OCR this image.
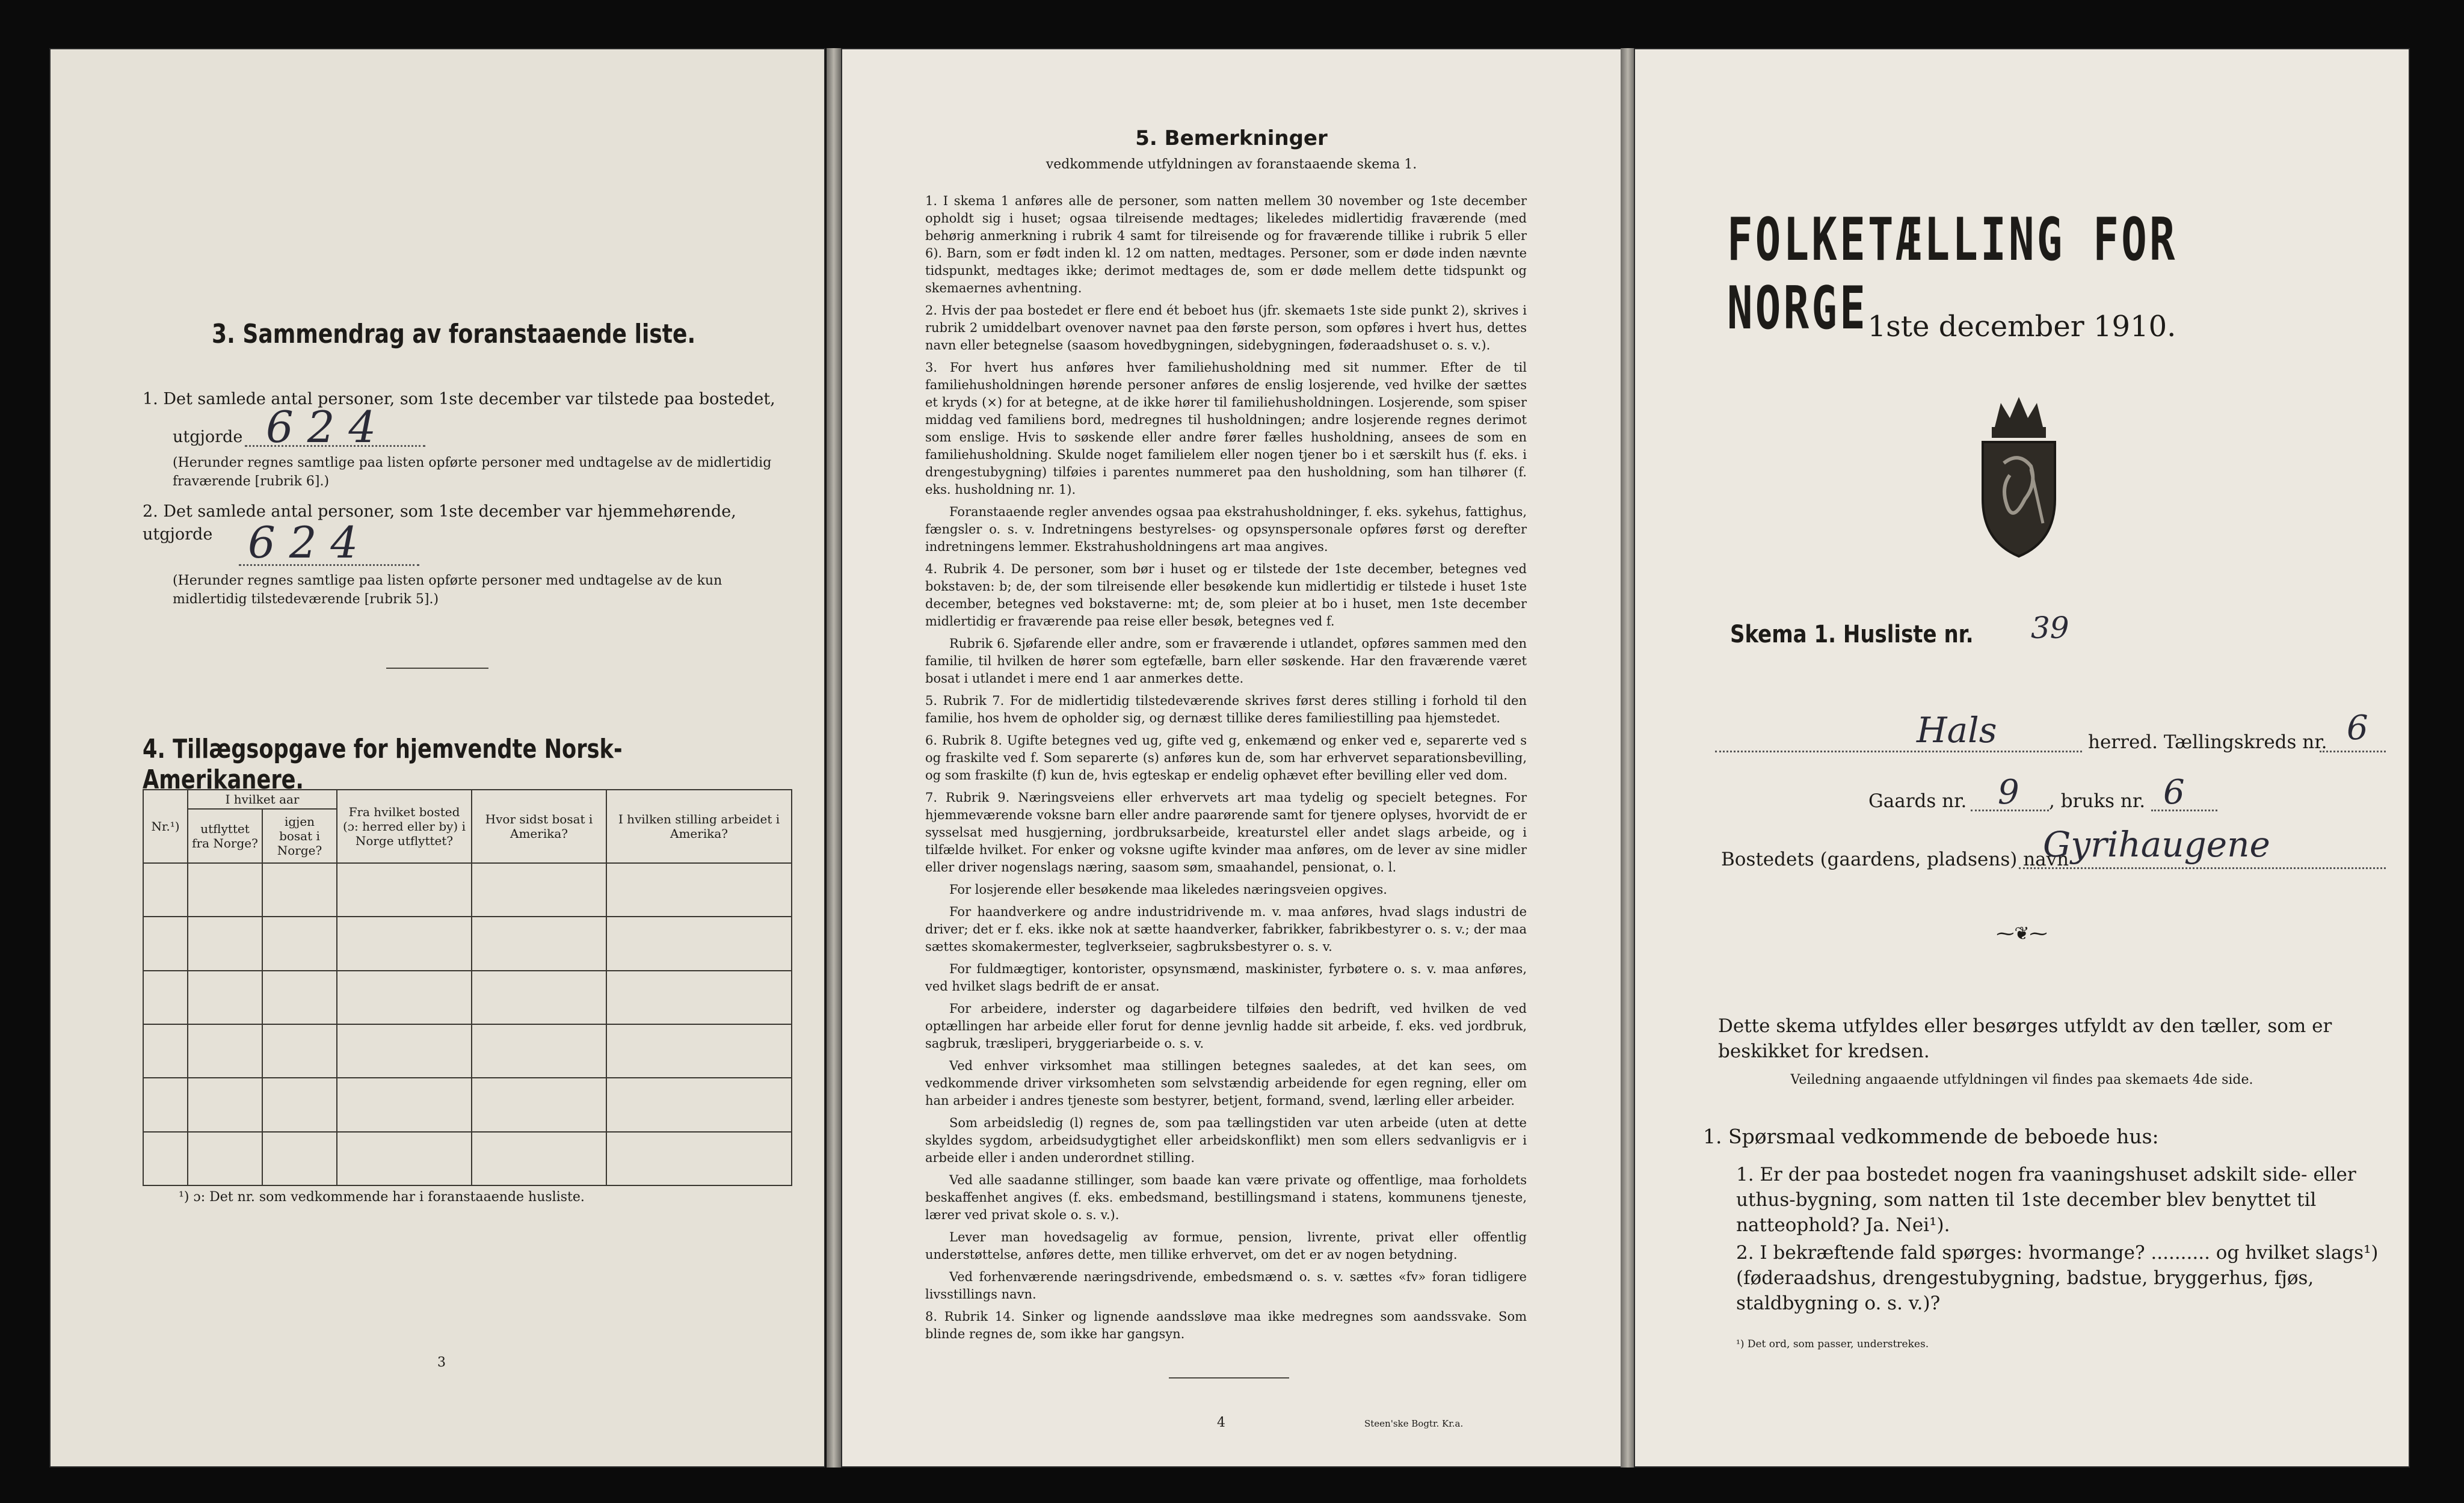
3. Sammendrag av foranstaaende liste.
1. Det samlede antal personer, som 1ste december var tilstede paa bostedet,
utgjorde 6 2 4
(Herunder regnes samtlige paa listen opførte personer med undtagelse av de midlertidig fraværende [rubrik 6].)
2. Det samlede antal personer, som 1ste december var hjemmehørende, utgjorde 6 2 4
(Herunder regnes samtlige paa listen opførte personer med undtagelse av de kun midlertidig tilstedeværende [rubrik 5].)
4. Tillægsopgave for hjemvendte Norsk-Amerikanere.
Nr.¹)	I hvilket aar		Fra hvilket bosted (ɔ: herred eller by) i Norge utflyttet?	Hvor sidst bosat i Amerika?	I hvilken stilling arbeidet i Amerika?
	utflyttet fra Norge?	igjen bosat i Norge?			

¹) ɔ: Det nr. som vedkommende har i foranstaaende husliste.
3
5. Bemerkninger
vedkommende utfyldningen av foranstaaende skema 1.

1. I skema 1 anføres alle de personer, som natten mellem 30 november og 1ste december opholdt sig i huset; ogsaa tilreisende medtages; likeledes midlertidig fraværende (med behørig anmerkning i rubrik 4 samt for tilreisende og for fraværende tillike i rubrik 5 eller 6). Barn, som er født inden kl. 12 om natten, medtages. Personer, som er døde inden nævnte tidspunkt, medtages ikke; derimot medtages de, som er døde mellem dette tidspunkt og skemaernes avhentning.

2. Hvis der paa bostedet er flere end ét beboet hus (jfr. skemaets 1ste side punkt 2), skrives i rubrik 2 umiddelbart ovenover navnet paa den første person, som opføres i hvert hus, dettes navn eller betegnelse (saasom hovedbygningen, sidebygningen, føderaadshuset o. s. v.).

3. For hvert hus anføres hver familiehusholdning med sit nummer. Efter de til familiehusholdningen hørende personer anføres de enslig losjerende, ved hvilke der sættes et kryds (×) for at betegne, at de ikke hører til familiehusholdningen. Losjerende, som spiser middag ved familiens bord, medregnes til husholdningen; andre losjerende regnes derimot som enslige. Hvis to søskende eller andre fører fælles husholdning, ansees de som en familiehusholdning. Skulde noget familielem eller nogen tjener bo i et særskilt hus (f. eks. i drengestubygning) tilføies i parentes nummeret paa den husholdning, som han tilhører (f. eks. husholdning nr. 1).

Foranstaaende regler anvendes ogsaa paa ekstrahusholdninger, f. eks. sykehus, fattighus, fængsler o. s. v. Indretningens bestyrelses- og opsynspersonale opføres først og derefter indretningens lemmer. Ekstrahusholdningens art maa angives.

4. Rubrik 4. De personer, som bør i huset og er tilstede der 1ste december, betegnes ved bokstaven: b; de, der som tilreisende eller besøkende kun midlertidig er tilstede i huset 1ste december, betegnes ved bokstaverne: mt; de, som pleier at bo i huset, men 1ste december midlertidig er fraværende paa reise eller besøk, betegnes ved f.

Rubrik 6. Sjøfarende eller andre, som er fraværende i utlandet, opføres sammen med den familie, til hvilken de hører som egtefælle, barn eller søskende. Har den fraværende været bosat i utlandet i mere end 1 aar anmerkes dette.

5. Rubrik 7. For de midlertidig tilstedeværende skrives først deres stilling i forhold til den familie, hos hvem de opholder sig, og dernæst tillike deres familiestilling paa hjemstedet.

6. Rubrik 8. Ugifte betegnes ved ug, gifte ved g, enkemænd og enker ved e, separerte ved s og fraskilte ved f. Som separerte (s) anføres kun de, som har erhvervet separationsbevilling, og som fraskilte (f) kun de, hvis egteskap er endelig ophævet efter bevilling eller ved dom.

7. Rubrik 9. Næringsveiens eller erhvervets art maa tydelig og specielt betegnes. For hjemmeværende voksne barn eller andre paarørende samt for tjenere oplyses, hvorvidt de er sysselsat med husgjerning, jordbruksarbeide, kreaturstel eller andet slags arbeide, og i tilfælde hvilket. For enker og voksne ugifte kvinder maa anføres, om de lever av sine midler eller driver nogenslags næring, saasom søm, smaahandel, pensionat, o. l.

For losjerende eller besøkende maa likeledes næringsveien opgives.

For haandverkere og andre industridrivende m. v. maa anføres, hvad slags industri de driver; det er f. eks. ikke nok at sætte haandverker, fabrikker, fabrikbestyrer o. s. v.; der maa sættes skomakermester, teglverkseier, sagbruksbestyrer o. s. v.

For fuldmægtiger, kontorister, opsynsmænd, maskinister, fyrbøtere o. s. v. maa anføres, ved hvilket slags bedrift de er ansat.

For arbeidere, inderster og dagarbeidere tilføies den bedrift, ved hvilken de ved optællingen har arbeide eller forut for denne jevnlig hadde sit arbeide, f. eks. ved jordbruk, sagbruk, træsliperi, bryggeriarbeide o. s. v.

Ved enhver virksomhet maa stillingen betegnes saaledes, at det kan sees, om vedkommende driver virksomheten som selvstændig arbeidende for egen regning, eller om han arbeider i andres tjeneste som bestyrer, betjent, formand, svend, lærling eller arbeider.

Som arbeidsledig (l) regnes de, som paa tællingstiden var uten arbeide (uten at dette skyldes sygdom, arbeidsudygtighet eller arbeidskonflikt) men som ellers sedvanligvis er i arbeide eller i anden underordnet stilling.

Ved alle saadanne stillinger, som baade kan være private og offentlige, maa forholdets beskaffenhet angives (f. eks. embedsmand, bestillingsmand i statens, kommunens tjeneste, lærer ved privat skole o. s. v.).

Lever man hovedsagelig av formue, pension, livrente, privat eller offentlig understøttelse, anføres dette, men tillike erhvervet, om det er av nogen betydning.

Ved forhenværende næringsdrivende, embedsmænd o. s. v. sættes «fv» foran tidligere livsstillings navn.

8. Rubrik 14. Sinker og lignende aandssløve maa ikke medregnes som aandssvake. Som blinde regnes de, som ikke har gangsyn.

4	Steen'ske Bogtr. Kr.a.
FOLKETÆLLING FOR NORGE 1ste december 1910.
Skema 1. Husliste nr. 39
Hals	herred. Tællingskreds nr. 6
Gaards nr. 9 , bruks nr. 6
Bostedets (gaardens, pladsens) navn
Gyrihaugene
⁓❦⁓
Dette skema utfyldes eller besørges utfyldt av den tæller, som er beskikket for kredsen.
Veiledning angaaende utfyldningen vil findes paa skemaets 4de side.
1. Spørsmaal vedkommende de beboede hus:
1. Er der paa bostedet nogen fra vaaningshuset adskilt side- eller uthus-bygning, som natten til 1ste december blev benyttet til natteophold? Ja. Nei¹).
2. I bekræftende fald spørges: hvormange? .......... og hvilket slags¹) (føderaadshus, drengestubygning, badstue, bryggerhus, fjøs, staldbygning o. s. v.)?
¹) Det ord, som passer, understrekes.
